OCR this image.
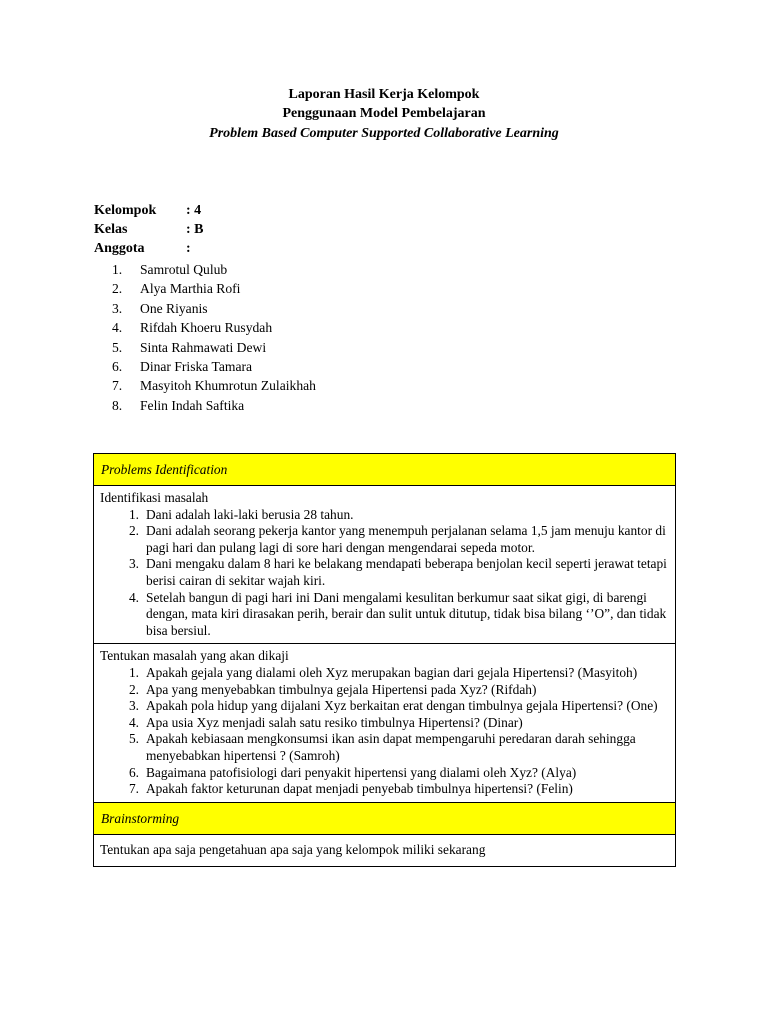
Laporan Hasil Kerja Kelompok
Penggunaan Model Pembelajaran
Problem Based Computer Supported Collaborative Learning
Kelompok : 4
Kelas	: B
Anggota	:
1. Samrotul Qulub
2. Alya Marthia Rofi
3. One Riyanis
4. Rifdah Khoeru Rusydah
5. Sinta Rahmawati Dewi
6. Dinar Friska Tamara
7. Masyitoh Khumrotun Zulaikhah
8. Felin Indah Saftika
Problems Identification
Identifikasi masalah
1. Dani adalah laki-laki berusia 28 tahun.
2. Dani adalah seorang pekerja kantor yang menempuh perjalanan selama 1,5 jam menuju kantor di pagi hari dan pulang lagi di sore hari dengan mengendarai sepeda motor.
3. Dani mengaku dalam 8 hari ke belakang mendapati beberapa benjolan kecil seperti jerawat tetapi berisi cairan di sekitar wajah kiri.
4. Setelah bangun di pagi hari ini Dani mengalami kesulitan berkumur saat sikat gigi, di barengi dengan, mata kiri dirasakan perih, berair dan sulit untuk ditutup, tidak bisa bilang ‘’O”, dan tidak bisa bersiul.
Tentukan masalah yang akan dikaji
1. Apakah gejala yang dialami oleh Xyz merupakan bagian dari gejala Hipertensi? (Masyitoh)
2. Apa yang menyebabkan timbulnya gejala Hipertensi pada Xyz? (Rifdah)
3. Apakah pola hidup yang dijalani Xyz berkaitan erat dengan timbulnya gejala Hipertensi? (One)
4. Apa usia Xyz menjadi salah satu resiko timbulnya Hipertensi? (Dinar)
5. Apakah kebiasaan mengkonsumsi ikan asin dapat mempengaruhi peredaran darah sehingga menyebabkan hipertensi ? (Samroh)
6. Bagaimana patofisiologi dari penyakit hipertensi yang dialami oleh Xyz? (Alya)
7. Apakah faktor keturunan dapat menjadi penyebab timbulnya hipertensi? (Felin)
Brainstorming
Tentukan apa saja pengetahuan apa saja yang kelompok miliki sekarang
